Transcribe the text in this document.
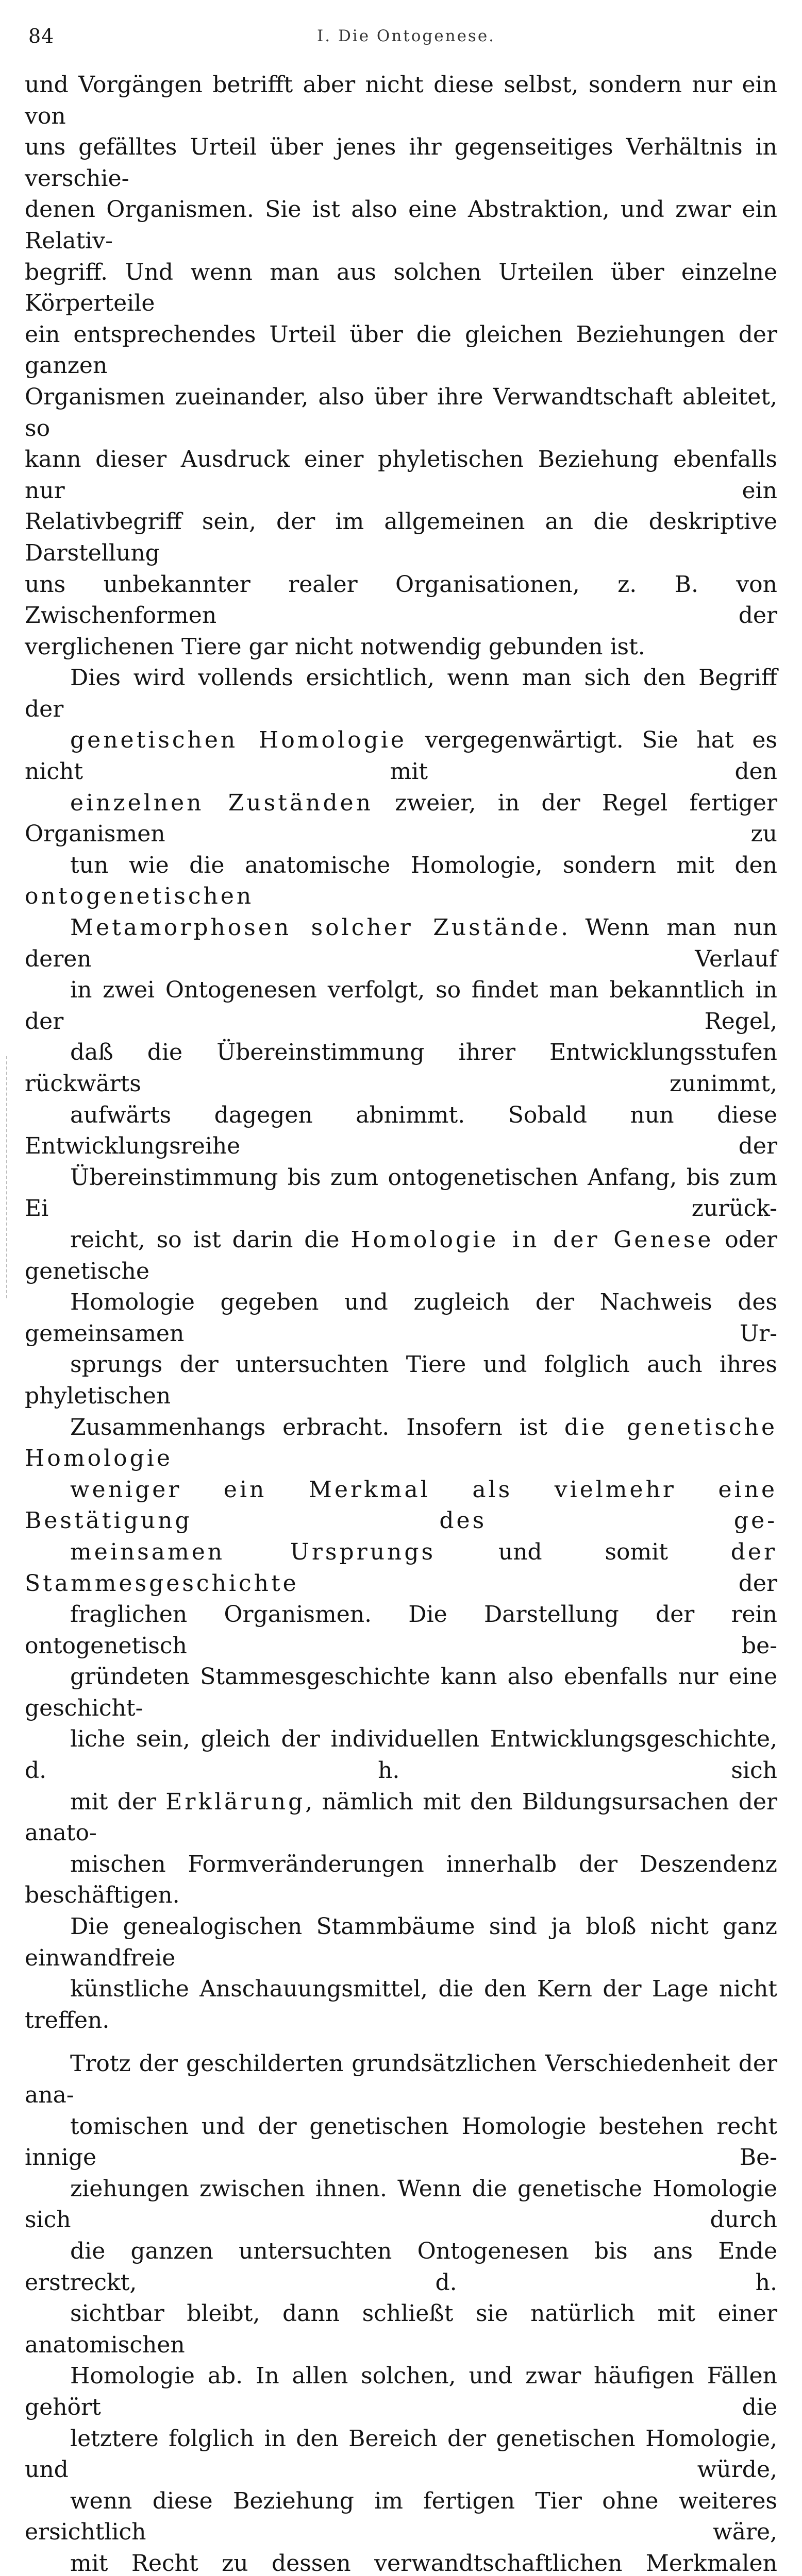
84	I. Die Ontogenese.

und Vorgängen betrifft aber nicht diese selbst, sondern nur ein von
uns gefälltes Urteil über jenes ihr gegenseitiges Verhältnis in verschie-
denen Organismen. Sie ist also eine Abstraktion, und zwar ein Relativ-
begriff. Und wenn man aus solchen Urteilen über einzelne Körperteile
ein entsprechendes Urteil über die gleichen Beziehungen der ganzen
Organismen zueinander, also über ihre Verwandtschaft ableitet, so
kann dieser Ausdruck einer phyletischen Beziehung ebenfalls nur ein
Relativbegriff sein, der im allgemeinen an die deskriptive Darstellung
uns unbekannter realer Organisationen, z. B. von Zwischenformen der
verglichenen Tiere gar nicht notwendig gebunden ist.

Dies wird vollends ersichtlich, wenn man sich den Begriff der
genetischen Homologie vergegenwärtigt. Sie hat es nicht mit den
einzelnen Zuständen zweier, in der Regel fertiger Organismen zu
tun wie die anatomische Homologie, sondern mit den ontogenetischen
Metamorphosen solcher Zustände. Wenn man nun deren Verlauf
in zwei Ontogenesen verfolgt, so findet man bekanntlich in der Regel,
daß die Übereinstimmung ihrer Entwicklungsstufen rückwärts zunimmt,
aufwärts dagegen abnimmt. Sobald nun diese Entwicklungsreihe der
Übereinstimmung bis zum ontogenetischen Anfang, bis zum Ei zurück-
reicht, so ist darin die Homologie in der Genese oder genetische
Homologie gegeben und zugleich der Nachweis des gemeinsamen Ur-
sprungs der untersuchten Tiere und folglich auch ihres phyletischen
Zusammenhangs erbracht. Insofern ist die genetische Homologie
weniger ein Merkmal als vielmehr eine Bestätigung des ge-
meinsamen Ursprungs und somit der Stammesgeschichte der
fraglichen Organismen. Die Darstellung der rein ontogenetisch be-
gründeten Stammesgeschichte kann also ebenfalls nur eine geschicht-
liche sein, gleich der individuellen Entwicklungsgeschichte, d. h. sich
mit der Erklärung, nämlich mit den Bildungsursachen der anato-
mischen Formveränderungen innerhalb der Deszendenz beschäftigen.
Die genealogischen Stammbäume sind ja bloß nicht ganz einwandfreie
künstliche Anschauungsmittel, die den Kern der Lage nicht treffen.

Trotz der geschilderten grundsätzlichen Verschiedenheit der ana-
tomischen und der genetischen Homologie bestehen recht innige Be-
ziehungen zwischen ihnen. Wenn die genetische Homologie sich durch
die ganzen untersuchten Ontogenesen bis ans Ende erstreckt, d. h.
sichtbar bleibt, dann schließt sie natürlich mit einer anatomischen
Homologie ab. In allen solchen, und zwar häufigen Fällen gehört die
letztere folglich in den Bereich der genetischen Homologie, und würde,
wenn diese Beziehung im fertigen Tier ohne weiteres ersichtlich wäre,
mit Recht zu dessen verwandtschaftlichen Merkmalen
